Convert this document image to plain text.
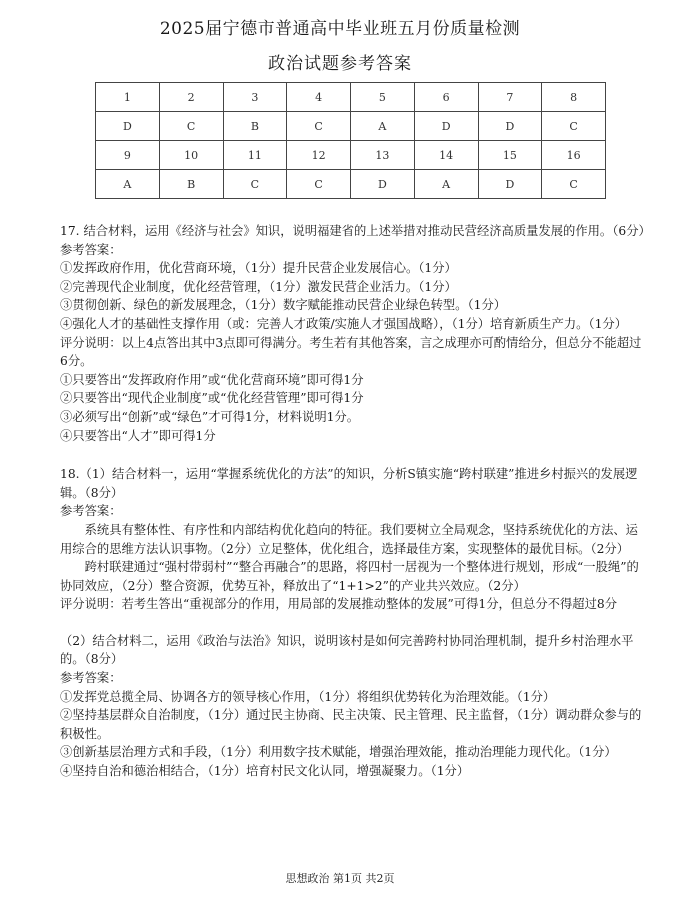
2025届宁德市普通高中毕业班五月份质量检测
政治试题参考答案
1	2	3	4	5	6	7	8
D	C	B	C	A	D	D	C
9	10	11	12	13	14	15	16
A	B	C	C	D	A	D	C

17. 结合材料，运用《经济与社会》知识，说明福建省的上述举措对推动民营经济高质量发展的作用。（6分）

参考答案：

①发挥政府作用，优化营商环境，（1分）提升民营企业发展信心。（1分）

②完善现代企业制度，优化经营管理，（1分）激发民营企业活力。（1分）

③贯彻创新、绿色的新发展理念，（1分）数字赋能推动民营企业绿色转型。（1分）

④强化人才的基础性支撑作用（或：完善人才政策/实施人才强国战略），（1分）培育新质生产力。（1分）

评分说明：以上4点答出其中3点即可得满分。考生若有其他答案，言之成理亦可酌情给分，但总分不能超过6分。

①只要答出“发挥政府作用”或“优化营商环境”即可得1分

②只要答出“现代企业制度”或“优化经营管理”即可得1分

③必须写出“创新”或“绿色”才可得1分，材料说明1分。

④只要答出“人才”即可得1分

18.（1）结合材料一，运用“掌握系统优化的方法”的知识，分析S镇实施“跨村联建”推进乡村振兴的发展逻辑。（8分）

参考答案：

系统具有整体性、有序性和内部结构优化趋向的特征。我们要树立全局观念，坚持系统优化的方法、运用综合的思维方法认识事物。（2分）立足整体，优化组合，选择最佳方案，实现整体的最优目标。（2分）

跨村联建通过“强村带弱村”“整合再融合”的思路，将四村一居视为一个整体进行规划，形成“一股绳”的协同效应，（2分）整合资源，优势互补，释放出了“1+1>2”的产业共兴效应。（2分）

评分说明：若考生答出“重视部分的作用，用局部的发展推动整体的发展”可得1分，但总分不得超过8分

（2）结合材料二，运用《政治与法治》知识，说明该村是如何完善跨村协同治理机制，提升乡村治理水平的。（8分）

参考答案：

①发挥党总揽全局、协调各方的领导核心作用，（1分）将组织优势转化为治理效能。（1分）

②坚持基层群众自治制度，（1分）通过民主协商、民主决策、民主管理、民主监督，（1分）调动群众参与的积极性。

③创新基层治理方式和手段，（1分）利用数字技术赋能，增强治理效能，推动治理能力现代化。（1分）

④坚持自治和德治相结合，（1分）培育村民文化认同，增强凝聚力。（1分）

思想政治 第1页 共2页
